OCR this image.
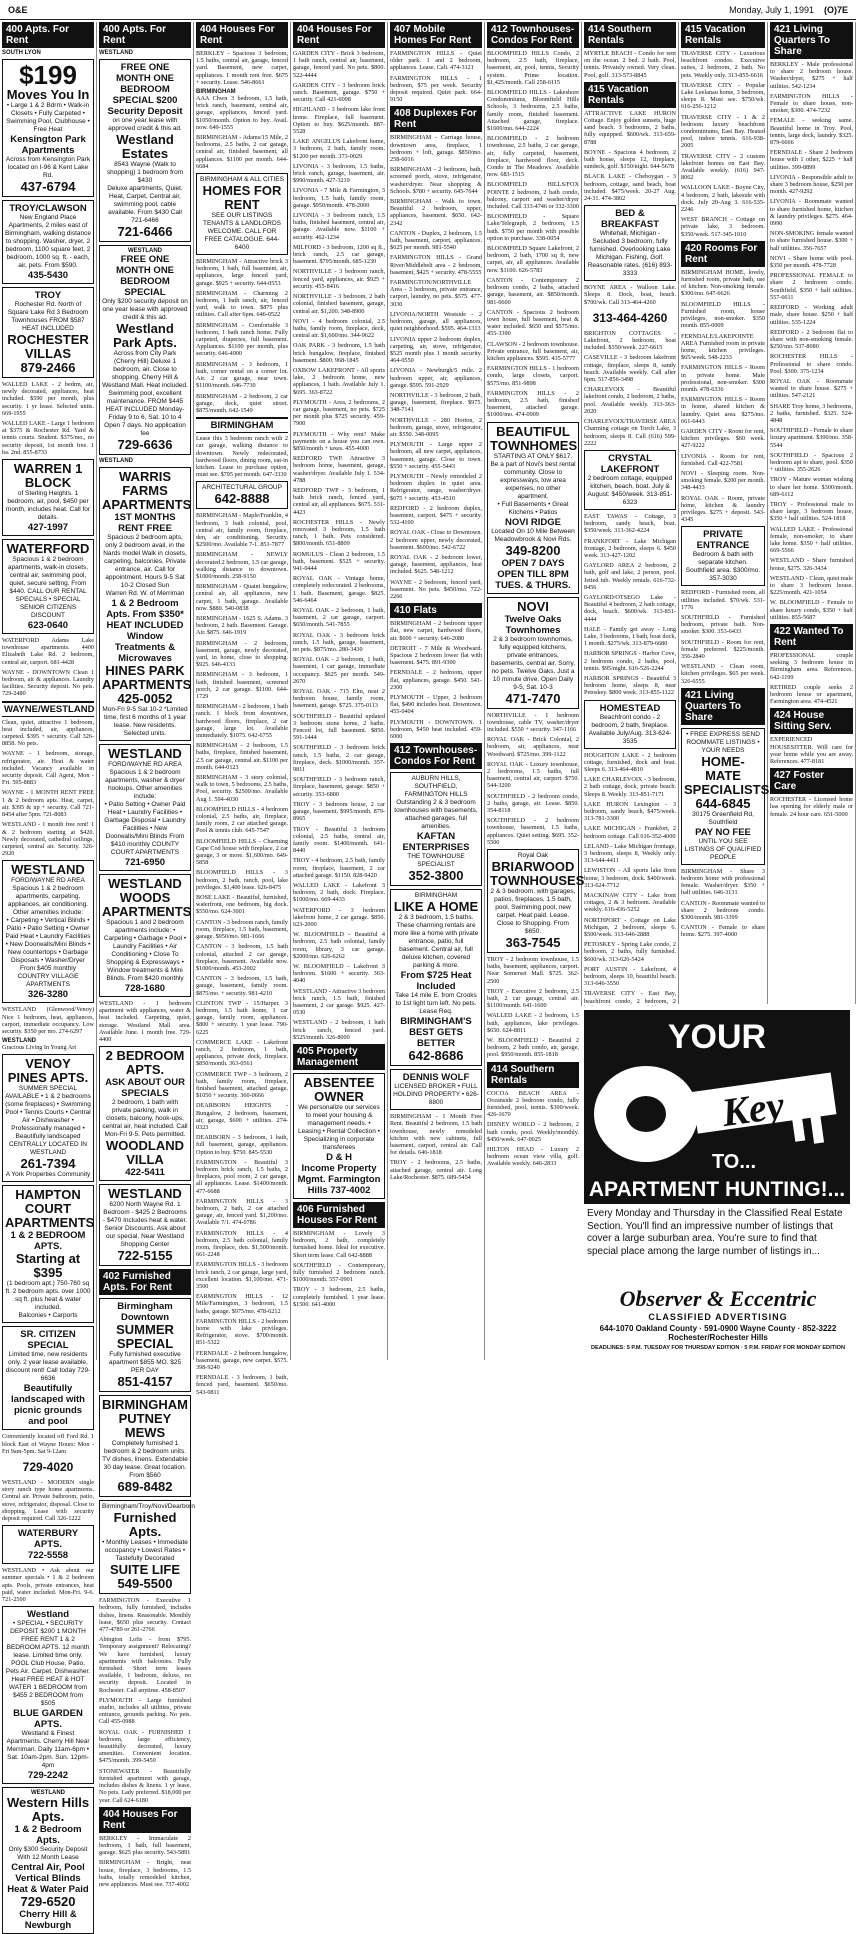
O&E	Monday, July 1, 1991 (O)7E
400 Apts. For Rent
SOUTH LYON
$199
Moves You In
• Large 1 & 2 Bdrm • Walk-in Closets • Fully Carpeted • Swimming Pool, Clubhouse • Free Heat
Kensington Park Apartments
Across from Kensington Park located on I-96 & Kent Lake Rd.
437-6794
TROY/CLAWSON
New England Place Apartments, 2 miles east of Birmingham, walking distance to shopping. Washer, dryer, 2 bedroom, 1100 square feet, 2 bedroom, 1000 sq. ft. - each, air, pets. From $590.
435-5430
TROY
Rochester Rd. North of Square Lake Rd 3 Bedroom Townhouses FROM $587 HEAT INCLUDED
ROCHESTER VILLAS
879-2466
WALLED LAKE - 2 bedrm, air, newly decorated, appliances, heat included. $590 per month, plus security. 1 yr lease. Selected units. 669-1955
WALLED LAKE - Large 1 bedroom at $375 & Rochester Rd. Yard & tennis courts. Student. $375/mo., no security deposit, 1st month free. 1 ba. 2nd. 855-8733
WARREN 1 BLOCK
of Sterling Heights. 1 bedroom, air, pool, $450 per month, includes heat. Call for details.
427-1997
WATERFORD
Spacious 1 & 2 bedroom apartments, walk-in closets, central air, swimming pool, quiet, secure setting. From $440. CALL OUR RENTAL SPECIALS • SPECIAL SENIOR CITIZENS DISCOUNT
623-0640
WATERFORD Adams Lake townhouse apartments. 4400 Elizabeth Lake Rd. 2 bedroom, central air, carport. 681-4428
WAYNE - DOWNTOWN Clean 1 bedroom, air & appliances. Laundry facilities. Security deposit. No pets. 729-2480
WAYNE/WESTLAND
Clean, quiet, attractive 1 bedroom, heat included, air, appliances, carpeted. $395 + security. Call 326-8858. No pets.
WAYNE - 1 bedroom, storage, refrigerator, air. Heat & water included. Vacancy available in security deposit. Call Agent, Mon - Fri. 595-8883
WAYNE - 1 MONTH RENT FREE 1 & 2 bedroom apts. Heat, carpet, air. $395 & up + security. Call 721-8454 after 5pm. 721-8083
WESTLAND - 1 month free rent! 1 & 2 bedroom starting at $420. Newly decorated, cathedral ceilings, carpeted, central air. Security. 326-2920
WESTLAND
FORD/WAYNE RD AREA Spacious 1 & 2 bedroom apartments, carpeting, appliances, air conditioning. Other amenities include:
• Carpeting • Vertical Blinds • Patio • Patio Setting • Owner Paid Heat • Laundry Facilities • New Doorwalls/Mini Blinds • New countertops • Garbage Disposals • Washer/Dryer From $405 monthly COUNTRY VILLAGE APARTMENTS
326-3280
WESTLAND (Glenwood/Venoy) Nice 1 bedroom, heat, appliances, carport, immediate occupancy. Low security. $350 per mo. 274-6297
WESTLAND
Gracious Living In Young Art
VENOY PINES APTS.
SUMMER SPECIAL AVAILABLE • 1 & 2 bedrooms (some fireplaces) • Swimming Pool • Tennis Courts • Central Air • Dishwasher • Professionally managed • Beautifully landscaped CENTRALLY LOCATED IN WESTLAND
261-7394
A York Properties Community
HAMPTON COURT APARTMENTS
1 & 2 BEDROOM APTS.
Starting at $395
(1 bedroom apt.) 750-760 sq ft. 2 bedroom apts. over 1000 sq ft. plus heat & water included.
Balconies • Carports
SR. CITIZEN SPECIAL
Limited time, new residents only. 2 year lease available, discount rent! Call today 729-6636
Beautifully landscaped with picnic grounds and pool
Conveniently located off Ford Rd. 1 block East of Wayne Hours: Mon - Fri 9am-5pm. Sat 9-12am
729-4020
WESTLAND - MODERN single story ranch type home apartments. Central air. Private bathroom, patio, stove, refrigerator, disposal. Close to shopping. Lease with security deposit required. Call 326-1222
WATERBURY APTS.
722-5558
WESTLAND • Ask about our summer specials • 1 & 2 bedroom apts. Pools, private entrances, heat paid, water included. Mon-Fri. 9-6. 721-2500
Westland
• SPECIAL • SECURITY DEPOSIT $200 1 MONTH FREE RENT 1 & 2 BEDROOM APTS. 12 month lease. Limited time only. POOL Club House, Patio, Pets Air. Carpet. Dishwasher. Heat FREE HEAT & HOT WATER 1 BEDROOM from $455 2 BEDROOM from $505
BLUE GARDEN APTS.
Westland & Finest Apartments. Cherry Hill Near Merriman. Daily 11am-6pm • Sat. 10am-2pm. Sun. 12pm-4pm
729-2242
WESTLAND
Western Hills Apts.
1 & 2 Bedroom Apts.
Only $300 Security Deposit With 12 Month Lease
Central Air, Pool Vertical Blinds Heat & Water Paid
729-6520
Cherry Hill & Newburgh
400 Apts. For Rent
WESTLAND
FREE ONE MONTH ONE BEDROOM SPECIAL $200 Security Deposit
on one year lease with approved credit & this ad.
Westland Estates
8543 Wayne (Walk to shopping) 1 bedroom from $430
Deluxe apartments, Quiet. Heat, Carpet, Central air, swimming pool, cable available. From $430 Call 721-6466
721-6466
WESTLAND
FREE ONE MONTH ONE BEDROOM SPECIAL
Only $200 security deposit on one year lease with approved credit & this ad.
Westland Park Apts.
Across from City Park (Cherry Hill) Deluxe 1 bedroom, air. Close to shopping. Cherry Hill & Westland Mall. Heat included. Swimming pool, excellent maintenance. FROM $445 HEAT INCLUDED Monday-Friday 9 to 6, Sat. 10 to 4 Open 7 days. No application fee
729-6636
WESTLAND
WARRIS FARMS APARTMENTS
1ST MONTHS RENT FREE
Spacious 2 bedroom apts, only 2 bedroom avail, in the Nards model Walk in closets, carpeting, balconies, Private entrance, air. Call for appointment. Hours 9-5 Sat 10-2 Closed Sun
Warren Rd. W. of Merriman
1 & 2 Bedroom Apts. From $350* HEAT INCLUDED Window Treatments & Microwaves
HINES PARK APARTMENTS
425-0052
Mon-Fri 9-5 Sat 10-2 *Limited time, first 6 months of 1 year lease. New residents. Selected units.
WESTLAND
FORD/WAYNE RD AREA Spacious 1 & 2 bedroom apartments, washer & dryer hookups. Other amenities include:
• Patio Setting • Owner Paid Heat • Laundry Facilities • Garbage Disposal • Laundry Facilities • New Doorwalls/Mini Blinds From $410 monthly COUNTY COURT APARTMENTS
721-6950
WESTLAND WOODS APARTMENTS
Spacious 1 and 2 bedroom apartments include: • Carpeting • Garbage • Pool • Laundry Facilities • Air Conditioning • Close To Shopping & Expressways • Window treatments & Mini Blinds. From $420 monthly
728-1680
WESTLAND - 1 bedroom apartment with appliances, water & heat included. Carpeting, quiet, storage. Westland Mall area. Available June. 1 month free. 729-4400
2 BEDROOM APTS.
ASK ABOUT OUR SPECIALS
2 bedroom, 1 bath with private parking, walk in closets, balcony, hook-ups, central air, heat included. Call Mon-Fri 9-5. Pets permitted.
WOODLAND VILLA
422-5411
WESTLAND
6200 North Wayne Rd. 1 Bedroom - $425 2 Bedrooms - $470 Includes heat & water. Senior Discounts. Ask about our special. Near Westland Shopping Center
722-5155
402 Furnished Apts. For Rent
Birmingham Downtown
SUMMER SPECIAL
Fully furnished executive apartment $855 MO. $25 PER DAY
851-4157
BIRMINGHAM PUTNEY MEWS
Completely furnished 1 bedroom & 2 bedroom units. TV dishes, linens. Extendable 30 day lease. Great location. From $560
689-8482
Birmingham/Troy/Novi/Dearborn
Furnished Apts.
• Monthly Leases • Immediate occupancy • Lowest Rates • Tastefully Decorated
SUITE LIFE
549-5500
FARMINGTON - Executive 1 bedroom, fully furnished, includes dishes, linens. Reasonable. Monthly lease, $650 plus security. Contact 477-4789 or 261-2766
Abington Lofts - from $795. Temporary assignment? Relocating? We have furnished, luxury apartments with balconies. Fully furnished. Short term leases available, 1 bedroom, deluxe, no security deposit. Located in Rochester. Call anytime. 458-8507
PLYMOUTH - Large furnished studio, includes all utilities, private entrance, grounds parking. No pets. Call 455-0988
ROYAL OAK - FURNISHED 1 bedroom, large efficiency, beautifully decorated, luxury amenities. Convenient location. $475/month. 399-5450
STONEWATER - Beautifully furnished apartment with garage, includes dishes & linens. 1 yr lease. No pets. Lady preferred. $18,000 per year. Call 624-6180
404 Houses For Rent
BERKLEY - Immaculate 2 bedroom, 1 bath, full basement, garage. $625 plus security. 543-5891
BIRMINGHAM - Bright, neat house, fireplace, 3 bedrooms, 1.5 baths, totally remodeled kitchen, new appliances. Must see. 737-4002
404 Houses For Rent
BERKLEY - Spacious 3 bedroom, 1.5 baths, central air, garage, fenced yard. Basement, new carpet, appliances. 1 month rent free. $675 + security. Lease. 546-8661
BIRMINGHAM
AAA Chwn 3 bedroom, 1.5 bath, brick ranch, basement, central air, garage, appliances, fenced yard. $1050/month. Option to buy. Avail. now. 649-1555
BIRMINGHAM - Adams/15 Mile, 2 bedrooms, 2.5 baths, 2 car garage, central air, finished basement, all appliances. $1100 per month. 644-6684
BIRMINGHAM & ALL CITIES
HOMES FOR RENT
SEE OUR LISTINGS TENANTS & LANDLORDS WELCOME. CALL FOR FREE CATALOGUE. 644-6400
BIRMINGHAM - Attractive brick 3 bedroom, 1 bath, full basement, air, appliances, large fenced yard, garage. $925 + security. 644-0553
BIRMINGHAM - Charming 2 bedroom, 1 bath ranch, air, fenced yard, walk to town. $875 plus utilities. Call after 6pm. 646-0522
BIRMINGHAM - Comfortable 3 bedroom, 1 bath ranch home. Fully carpeted, draperies, full basement. Appliances. $1100 per month, plus security. 646-4900
BIRMINGHAM - 3 bedroom, 1 bath, corner rental on a corner lot. Air. 2 car garage, near town. $1100/month. 646-7730
BIRMINGHAM - 2 bedroom, 2 car garage, deck, quiet street. $875/month. 642-1549
BIRMINGHAM
Lease this 3 bedroom ranch with 2 car garage, walking distance to downtown. Newly redecorated, hardwood floors, dining room, eat-in kitchen. Lease to purchase option, must see. $795 per month. 647-3330
ARCHITECTURAL GROUP
642-8888
BIRMINGHAM - Maple/Franklin, 4 bedroom, 3 bath colonial, pool, central air, family room, fireplace, den, air conditioning. Security. $2500/mo. Available 7-1. 851-7877
BIRMINGHAM - NEWLY decorated 2 bedroom, 1.5 car garage, walking distance to downtown. $1000/month. 258-9150
BIRMINGHAM - Quaint bungalow, central air, all appliances, new carpet, 1 bath, garage. Available now. $880. 540-0838
BIRMINGHAM - 1625 S. Adams. 3 bedroom, 2 bath. Basement. Garage. Air. $875. 646-1919
BIRMINGHAM - 2 bedroom, basement, garage, newly decorated, yard, in home, close to shopping. $925. 646-4133
BIRMINGHAM - 3 bedroom, 1 bath, finished basement, screened porch, 2 car garage. $1100. 644-1729
BIRMINGHAM - 2 bedroom, 1 bath ranch. 1 block from downtown, hardwood floors, fireplace, 2 car garage, large lot. Available immediately. $1075. 642-6755
BIRMINGHAM - 2 bedroom, 1.5 baths, fireplace, finished basement, 2.5 car garage, central air. $1100 per month. 644-0123
BIRMINGHAM - 3 story colonial, walk to town, 5 bedrooms, 2.5 baths, Pool, security. $2500/mo. Available Aug 1. 594-4030
BLOOMFIELD HILLS - 4 bedroom colonial, 2.5 baths, air, fireplace, family room, 2 car attached garage. Pool & tennis club. 645-7547
BLOOMFIELD HILLS - Charming Cape Cod house with fireplace, 2 car garage, 3 or more. $1,600/mo. 649-5858
BLOOMFIELD HILLS - 3 bedroom, 2 bath, ranch, pool, lake privileges. $1,400 lease. 626-8475
BOSE LAKE - Beautiful, furnished, waterfront, one bedroom, big dock. $550/mo. 624-3001
CANTON - 3 bedroom ranch, family room, fireplace, 1.5 bath, basement, garage. $950/mo. 981-1666
CANTON - 3 bedroom, 1.5 bath colonial, attached 2 car garage, fireplace, basement. Available now. $1000/month. 453-2002
CANTON - 3 bedroom, 1.5 bath, garage, basement, family room. $875/mo. + security. 981-4210
CLINTON TWP - 15/Harper. 3 bedroom, 1.5 bath home, 1 car garage, family room, appliances. $800 + security. 1 year lease. 790-6225
COMMERCE LAKE - Lakefront ranch, 2 bedroom, 1 bath, appliances, private dock, fireplace. $850/month. 363-0561
COMMERCE TWP - 3 bedroom, 2 bath, family room, fireplace, finished basement, attached garage. $1050 + security. 360-0666
DEARBORN HEIGHTS - Bungalow, 2 bedroom, basement, air, garage, $600 + utilities. 274-0323
DEARBORN - 3 bedroom, 1 bath, full basement, garage, appliances. Option to buy. $750. 845-5530
FARMINGTON - Beautiful 3 bedroom brick ranch, 1.5 baths, 2 fireplaces, pool room, 2 car garage, all appliances. Lease. $1400/month. 477-6688
FARMINGTON HILLS - 3 bedroom, 2 bath, 2 car attached garage, air, fenced yard. $1,200/mo. Available 7/1. 474-0786
FARMINGTON HILLS - 4 bedroom, 2.5 bath colonial, family room, fireplace, den. $1,500/month. 661-2248
FARMINGTON HILLS - 3 bedroom brick ranch, 2 car garage, large yard, excellent location. $1,100/mo. 471-3500
FARMINGTON HILLS - 12 Mile/Farmington, 3 bedroom, 1.5 baths, garage. $975/mo. 478-6212
FARMINGTON HILLS - 2 bedroom home with lake privileges. Refrigerator, stove. $700/month. 851-5322
FERNDALE - 2 bedroom bungalow, basement, garage, new carpet. $575. 398-9240
FERNDALE - 3 bedroom, 1 bath, fenced yard, basement. $650/mo. 543-0811
404 Houses For Rent
GARDEN CITY - Brick 3 bedroom, 1 bath ranch, central air, basement, garage, fenced yard. No pets. $800. 522-4444
GARDEN CITY - 3 bedroom brick ranch. Basement, garage. $750 + security. Call 421-6098
HIGHLAND - 3 bedroom lake front home. Fireplace, full basement. Option to buy. $625/month. 887-5528
LAKE ANGELUS Lakefront home, 3 bedroom, 2 bath, family room. $1200 per month. 373-0029
LIVONIA - 3 bedroom, 1.5 baths, brick ranch, garage, basement, air. $990/month. 427-3219
LIVONIA - 7 Mile & Farmington, 3 bedroom, 1.5 bath, family room, garage. $950/month. 478-2000
LIVONIA - 3 bedroom ranch, 1.5 baths, finished basement, central air, garage. Available now. $1100 + security. 462-1234
MILFORD - 3 bedroom, 1200 sq ft., brick ranch, 2.5 car garage, basement. $795/month. 685-1230
NORTHVILLE - 3 bedroom ranch, fenced yard, appliances, air. $925 + security. 455-8416
NORTHVILLE - 3 bedroom, 2 bath colonial, finished basement, garage, central air. $1,200. 348-8900
NOVI - 4 bedroom colonial, 2.5 baths, family room, fireplace, deck, central air. $1,600/mo. 344-9622
OAK PARK - 3 bedroom, 1.5 bath brick bungalow, fireplace, finished basement. $800. 968-1845
OXBOW LAKEFRONT - All sports lake, 2 bedroom home, new appliances, 1 bath. Available July 1. $695. 363-8722
PLYMOUTH - Area, 2 bedrooms, 2 car garage, basement, no pets. $725 per month plus $725 security. 459-7900
PLYMOUTH - Why rent? Make payments on a house you can own. $850/month + taxes. 455-4000
REDFORD TWP. Attractive 3 bedroom home, basement, garage, washer/dryer. Available July 1. 534-4788
REDFORD TWP - 3 bedroom, 1 bath brick ranch, fenced yard, central air, all appliances. $675. 531-4423
ROCHESTER HILLS - Newly renovated 3 bedroom, 1.5 bath ranch, 1 bath. Pets considered. $800/month. 651-8809
ROMULUS - Clean 2 bedroom, 1.5 bath, basement. $525 + security. 941-0444
ROYAL OAK - Vintage home, completely redecorated. 2 bedrooms, 1 bath. Basement, garage. $825. 546-6464
ROYAL OAK - 2 bedroom, 1 bath, basement, 2 car garage, carport. $650/month. 541-7855
ROYAL OAK - 3 bedroom brick ranch, 1.5 bath, garage, basement, no pets. $875/mo. 280-3430
ROYAL OAK - 2 bedroom, 1 bath, basement, 1 car garage, immediate occupancy. $625 per month. 549-2670
ROYAL OAK - 715 Elm, neat 2 bedroom house, family room, basement, garage. $725. 375-0113
SOUTHFIELD - Beautiful updated 3 bedroom stone home, 2 baths. Fenced lot, full basement. $850. 591-1444
SOUTHFIELD - 3 bedroom brick ranch, 1.5 baths, 2 car garage, fireplace, deck. $1000/month. 357-9811
SOUTHFIELD - 3 bedroom ranch, fireplace, basement, garage. $850 + security. 353-6800
TROY - 3 bedroom house, 2 car garage, basement. $995/month. 879-8965
TROY - Beautiful 3 bedroom colonial, 2.5 baths, central air, family room. $1400/month. 641-8440
TROY - 4 bedroom, 2.5 bath, family room, fireplace, basement, 2 car attached garage. $1150. 828-9420
WALLED LAKE - Lakefront 3 bedroom, 2 bath, dock. Fireplace. $1000/mo. 669-4433
WATERFORD - 3 bedroom lakefront home, 2 car garage. $850. 623-2000
W. BLOOMFIELD - Beautiful 4 bedroom, 2.5 bath colonial, family room, library, 3 car garage. $2000/mo. 626-6262
W. BLOOMFIELD - Lakefront 3 bedroom. $1600 + security. 363-4040
WESTLAND - Attractive 3 bedroom brick ranch, 1.5 bath, finished basement, 2 car garage. $925. 427-0530
WESTLAND - 2 bedroom, 1 bath brick ranch, fenced yard. $525/month. 326-8000
405 Property Management
ABSENTEE OWNER
We personalize our services to meet your housing & management needs. • Leasing • Rental Collection • Specializing in corporate transferees
D & H
Income Property Mgmt. Farmington Hills 737-4002
406 Furnished Houses For Rent
BIRMINGHAM - Lovely 3 bedroom, 2 bath, completely furnished home. Ideal for executive. Short term lease. Call 642-8888
SOUTHFIELD - Contemporary, fully furnished 2 bedroom ranch. $1000/month. 557-0901
TROY - 3 bedroom, 2.5 baths, completely furnished. 1 year lease. $1500. 641-4000
407 Mobile Homes For Rent
FARMINGTON HILLS - Quiet older park. 1 and 2 bedroom, appliances. Lease. Cali. 474-3121
FARMINGTON HILLS - 1 bedroom, $75 per week. Security deposit required. Quiet park. 664-9150
408 Duplexes For Rent
BIRMINGHAM - Carriage house, downtown area, fireplace, 1 bedroom + loft, garage. $850/mo. 258-6016
BIRMINGHAM - 2 bedroom, bath, screened porch, stove, refrigerator, washer/dryer. Near shopping & Schools. $780 + security. 645-7644
BIRMINGHAM - Walk to town. Beautiful 2 bedroom, upper, appliances, basement. $650. 642-2342
CANTON - Duplex, 2 bedroom, 1.5 bath, basement, carport, appliances. $625 per month. 981-5540
FARMINGTON HILLS - Grand River/Middlebelt area - 2 bedroom, basement, $425 + security. 478-5555
FARMINGTON/NORTHVILLE Area - 3 bedroom, private entrance, carport, laundry, no pets. $575. 477-3030
LIVONIA/NORTH Westside - 2 bedroom, garage, all appliances, quiet neighborhood. $595. 464-1313
LIVONIA upper 2 bedroom duplex, carpeting, air, stove, refrigerator, $525 month plus 1 month security. 464-0550
LIVONIA - Newburgh/5 mile. 2 bedroom upper, air, appliances, garage. $595. 591-2929
NORTHVILLE - 3 bedroom, 2 bath, garage, basement, fireplace. $975. 348-7141
NORTHVILLE - 280 Horton, 2 bedroom, garage, stove, refrigerator, air. $550. 348-0095
PLYMOUTH - Large upper 2 bedroom, all new carpet, appliances, basement, garage. Close to town. $550 + security. 455-5443
PLYMOUTH - Newly remodeled 2 bedroom duplex in quiet area. Refrigerator, range, washer/dryer. $675 + security. 453-4510
REDFORD - 2 bedroom duplex, basement, carport. $475 + security. 532-4100
ROYAL OAK - Close to Downtown. 2 bedroom upper, newly decorated, basement. $600/mo. 542-6722
ROYAL OAK - 2 bedroom lower, garage, basement, appliances, heat included. $625. 548-1212
WAYNE - 2 bedroom, fenced yard, basement. No pets. $450/mo. 722-2266
410 Flats
BIRMINGHAM - 2 bedroom upper flat, new carpet, hardwood floors, air. $600 + security. 646-2080
DETROIT - 7 Mile & Woodward. Spacious 2 bedroom lower flat with basement. $475. 891-9300
FERNDALE - 2 bedroom, upper flat, appliances, garage. $450. 541-2300
PLYMOUTH - Upper, 2 bedroom flat, $490 includes heat. Downtown. 455-0404
PLYMOUTH - DOWNTOWN. 1 bedroom, $450 heat included. 459-6000
412 Townhouses-Condos For Rent
AUBURN HILLS, SOUTHFIELD, FARMINGTON HILLS
Outstanding 2 & 3 bedroom townhouses with basements, attached garages, full amenities.
KAFTAN ENTERPRISES
THE TOWNHOUSE SPECIALIST
352-3800
BIRMINGHAM
LIKE A HOME
2 & 3 bedroom, 1.5 baths. These charming rentals are more like a home with private entrance, patio, full basement. Central air, full deluxe kitchen, covered parking & more.
From $725 Heat Included
Take 14 mile E. from Crooks to 1st light turn left. No pets. Lease Req.
BIRMINGHAM'S BEST GETS BETTER
642-8686
DENNIS WOLF
LICENSED BROKER • FULL HOLDING PROPERTY • 626-8800
BIRMINGHAM - 1 Month Free Rent. Beautiful 2 bedroom, 1.5 bath townhouse, newly remodeled kitchen with new cabinets, full basement, carport, central air. Call for details. 646-1818
TROY - 2 bedrooms, 2.5 baths, attached garage, central air. Long Lake/Rochester. $875. 689-5454
412 Townhouses-Condos For Rent
BLOOMFIELD HILLS Condo, 2 bedroom, 2.5 bath, fireplace, basement, air, pool, tennis, Security system. Prime location. $1,425/month. Call 258-6115
BLOOMFIELD HILLS - Lakeshore Condominiums, Bloomfield Hills Schools, 3 bedrooms, 2.5 baths, family room, finished basement. Attached garage, fireplace. $1600/mo. 644-2224
BLOOMFIELD - 2 bedroom townhouse, 2.5 baths, 2 car garage, air, fully carpeted, basement, fireplace, hardwood floor, deck. Condo in The Meadows. Available now. 683-1515
BLOOMFIELD HILLS/FOX POINTE 2 bedroom, 2 bath condo, balcony, carport and washer/dryer included. Call 333-4746 or 332-3300
BLOOMFIELD - Square Lake/Telegraph, 2 bedroom, 1.5 bath. $750 per month with possible option to purchase. 338-0054
BLOOMFIELD Square Lakefront, 2 bedroom, 2 bath, 1700 sq ft, new carpet, air, all appliances. Available now. $1100. 626-5783
CANTON - Contemporary 2 bedroom condo, 2 baths, attached garage, basement, air. $850/month. 981-0600
CANTON - Spacious 2 bedroom town house, full basement, heat & water included. $650 and $575/mo. 455-3390
CLAWSON - 2 bedroom townhouse. Private entrance, full basement, air, kitchen appliances. $595. 435-5777
FARMINGTON HILLS - 1 bedroom condo, large closets, carport. $575/mo. 851-9898
FARMINGTON HILLS - 2 bedroom, 2.5 bath, finished basement, attached garage. $1000/mo. 474-0909
BEAUTIFUL TOWNHOMES
STARTING AT ONLY $617. Be a part of Novi's best rental community. Close to expressways, low area expenses, no other apartment.
• Full Basements • Great Kitchens • Patios
NOVI RIDGE
Located On 10 Mile Between Meadowbrook & Novi Rds.
349-8200
OPEN 7 DAYS
OPEN TILL 8PM TUES. & THURS.
NOVI
Twelve Oaks Townhomes
2 & 3 bedroom townhomes, fully equipped kitchens, private entrances, basements, central air. Sorry, no pets. Twelve Oaks. Just a 10 minute drive. Open Daily 9-5, Sat. 10-3
471-7470
NORTHVILLE - 1 bedroom townhouse, cable TV, washer/dryer included. $550 + security. 347-1166
ROYAL OAK - Brick Colonial, 2 bedroom, air, appliances, near Woodward. $725/mo. 399-1122
ROYAL OAK - Luxury townhouse, 2 bedrooms, 1.5 baths, full basement, central air, carport. $750. 544-3200
SOUTHFIELD - 2 bedroom condo, 2 baths, garage, air. Lease. $850. 354-8118
SOUTHFIELD - 2 bedroom townhouse, basement, 1.5 baths, appliances. Quiet setting. $695. 352-5500
Royal Oak
BRIARWOOD TOWNHOUSES
2 & 3 bedroom, with garages, patios, fireplaces, 1.5 bath, pool. Swimming pool, new carpet. Heat paid. Lease. Close to Shopping. From $650.
363-7545
TROY - 2 bedroom townhouse, 1.5 baths, basement, appliances, carport. Near Somerset Mall. $725. 362-2500
TROY - Executive 2 bedroom, 2.5 bath, 2 car garage, central air. $1100/month. 641-1600
WALLED LAKE - 2 bedroom, 1.5 bath, appliances, lake privileges. $650. 624-8811
W. BLOOMFIELD - Beautiful 2 bedroom, 2 bath condo, air, garage, pool. $950/month. 855-1818
414 Southern Rentals
COCOA BEACH AREA - Oceanside 2 bedroom condo, fully furnished, pool, tennis. $300/week. 426-1670
DISNEY WORLD - 2 bedroom, 2 bath condo, pool. Weekly/monthly. $450/week. 647-0025
HILTON HEAD - Luxury 2 bedroom ocean view villa, golf. Available weekly. 646-2833
414 Southern Rentals
MYRTLE BEACH - Condo for rent on the ocean. 2 bed. 2 bath. Pool, tennis. Privately owned. Very clean. Pool, golf. 313-573-8845
415 Vacation Rentals
ATTRACTIVE LAKE HURON Cottage. Enjoy golden sunsets, huge sand beach. 3 bedrooms, 2 baths, fully equipped. $600/wk. 313-659-8788
BOYNE - Spacious 4 bedroom, 2 bath house, sleeps 12, fireplace, sundeck, golf. $150/night. 644-5678
BLACK LAKE - Cheboygan - 3 bedroom, cottage, sand beach, boat included. $475/week. 20-27 Aug. 24-31. 474-3802
BED & BREAKFAST
Whitehall, Michigan - Secluded 3 bedroom, fully furnished. Overlooking Lake Michigan. Fishing, Golf. Reasonable rates. (616) 893-3333
BOYNE AREA - Walloon Lake. Sleeps 8. Dock, boat, beach. $700/wk. Call 313-464-4260
313-464-4260
BRIGHTON COTTAGES - Lakefront, 2 bedroom, boat included. $350/week. 227-6615
CASEVILLE - 3 bedroom lakefront cottage, fireplace, sleeps 8, sandy beach. Available weekly. Call after 6pm. 517-856-3498
CHARLEVOIX - Beautiful lakefront condo, 2 bedroom, 2 baths, pool. Available weekly. 313-363-2020
CHARLEVOIX/TRAVERSE AREA Charming cottage on Torch Lake, 3 bedroom, sleeps 8. Call (616) 599-2222
CRYSTAL LAKEFRONT
2 bedroom cottage, equipped kitchen, beach, boat. July & August: $450/week. 313-851-6323
EAST TAWAS - Cottage, 3 bedroom, sandy beach, boat. $350/week. 313-362-4224
FRANKFORT - Lake Michigan frontage, 2 bedroom, sleeps 6. $450 week. 313-427-1202
GAYLORD AREA 2 bedroom, 2 bath, golf and lake, 2 person, pool. Jetted tub. Weekly rentals. 616-732-8456
GAYLORD/OTSEGO Lake - Beautiful 4 bedroom, 2 bath cottage, dock, beach. $600/wk. 313-851-4444
HALE - Family get away - Long Lake, 3 bedrooms, 1 bath, boat dock, 1 month. $275/wk. 313-879-6680
HARBOR SPRINGS - Harbor Cove, 2 bedroom condo, 2 baths, pool, tennis. $95/night. 616-526-2244
HARBOR SPRINGS - Beautiful 3 bedroom home, sleeps 8, near Petoskey. $800 week. 313-855-1122
HOMESTEAD
Beachfront condo - 2 bedroom, 2 bath, fireplace. Available July/Aug. 313-624-3535
HOUGHTON LAKE - 2 bedroom cottage, furnished, dock and boat. Sleeps 6. 313-464-4810
LAKE CHARLEVOIX - 3 bedroom, 2 bath cottage, dock, private beach. Sleeps 8. Weekly. 313-851-7171
LAKE HURON Lexington - 3 bedroom, sandy beach, $475/week. 313-781-3300
LAKE MICHIGAN - Frankfort, 2 bedroom cottage. Call 616-352-4000
LELAND - Lake Michigan frontage, 3 bedroom, sleeps 8, Weekly only. 313-644-4411
LEWISTON - All sports lake front home, 3 bedroom, dock. $400/week. 313-624-7712
MACKINAW CITY - Lake front cottages, 2 & 3 bedroom. Available weekly. 616-436-5252
NORTHPORT - Cottage on Lake Michigan, 2 bedroom, sleeps 6. $500/week. 313-646-2888
PETOSKEY - Spring Lake condo, 2 bedroom, 2 baths, fully furnished. $600/wk. 313-626-5424
PORT AUSTIN - Lakefront, 4 bedroom, sleeps 10, beautiful beach. 313-646-3550
TRAVERSE CITY - East Bay, beachfront condo, 2 bedroom, 2
415 Vacation Rentals
TRAVERSE CITY - Luxurious beachfront condos. Executive suites, 2 bedroom, 2 bath. No pets. Weekly only. 313-855-6616
TRAVERSE CITY - Popular Lake Leelanau home, 3 bedroom, sleeps 8. Must see. $750/wk. 616-256-1212
TRAVERSE CITY - 1 & 2 bedroom luxury beachfront condominiums, East Bay. Heated pool, indoor tennis. 616-938-2005
TRAVERSE CITY - 2 custom lakefront homes on East Bay. Available weekly. (616) 947-8062
WALLOON LAKE - Boyne City, 4 bedroom, 2 bath, lakeside with dock. July 20-Aug 3. 616-535-2246
WEST BRANCH - Cottage on private lake, 3 bedroom. $350/week. 517-345-1010
420 Rooms For Rent
BIRMINGHAM HOME, lovely, furnished room, private bath, use of kitchen. Non-smoking female. $300/mo. 647-6626
BLOOMFIELD HILLS - Furnished room, house privileges, non-smoker. $350 month. 855-0009
FERNDALE/LAKEPOINTE AREA Furnished room in private home, kitchen privileges. $65/week. 548-2233
FARMINGTON HILLS - Room in private home. Male professional, non-smoker. $300 month. 478-6336
FARMINGTON HILLS - Room in home, shared kitchen & laundry. Quiet area. $275/mo. 661-6443
GARDEN CITY - Room for rent, kitchen privileges. $60 week. 427-9222
LIVONIA - Room for rent, furnished. Call 422-7581
NOVI - Sleeping room. Non-smoking female. $200 per month. 348-4433
ROYAL OAK - Room, private home, kitchen & laundry privileges. $275 + deposit. 543-4345
PRIVATE ENTRANCE
Bedroom & bath with separate kitchen. Southfield area. $300/mo. 357-3030
REDFORD - Furnished room, all utilities included. $70/wk. 531-1776
SOUTHFIELD - Furnished bedroom, private bath. Non-smoker. $300. 353-6433
SOUTHFIELD - Room for rent, female preferred. $225/month. 356-2840
WESTLAND - Clean room, kitchen privileges. $65 per week. 326-6555
421 Living Quarters To Share
• FREE EXPRESS SEND ROOMMATE LISTINGS • YOUR NEEDS
HOME-MATE SPECIALISTS
644-6845
30175 Greenfield Rd, Southfield
PAY NO FEE
UNTIL YOU SEE LISTINGS OF QUALIFIED PEOPLE
BIRMINGHAM - Share 3 bedroom home with professional female. Washer/dryer. $350 + half utilities. 646-3131
CANTON - Roommate wanted to share 2 bedroom condo. $300/month. 981-3399
CANTON - Female to share home. $275. 397-4000
421 Living Quarters To Share
BERKLEY - Male professional to share 2 bedroom house. Washer/dryer, $275 + half utilities. 542-1234
FARMINGTON HILLS - Female to share house, non-smoker, $300. 474-7232
FEMALE - seeking same. Beautiful home in Troy. Pool, tennis, large deck, laundry. $325. 879-6666
FERNDALE - Share 2 bedroom house with 1 other, $225 + half utilities. 399-8899
LIVONIA - Responsible adult to share 3 bedroom house, $250 per month. 427-9292
LIVONIA - Roommate wanted to share furnished home, kitchen & laundry privileges. $275. 464-0990
NON-SMOKING female wanted to share furnished house. $300 + half utilities. 356-7657
NOVI - Share home with pool. $350 per month. 478-7728
PROFESSIONAL FEMALE to share 2 bedroom condo. Southfield. $350 + half utilities. 557-6611
REDFORD - Working adult male, share house. $250 + half utilities. 535-1224
REDFORD - 2 bedroom flat to share with non-smoking female. $250/mo. 537-8080
ROCHESTER HILLS - Professional to share condo. Pool. $300. 375-1234
ROYAL OAK - Roommate wanted to share house. $275 + utilities. 547-2121
SHARE Troy home, 3 bedrooms, 2 baths, furnished. $325. 524-4848
SOUTHFIELD - Female to share luxury apartment. $300/mo. 358-5544
SOUTHFIELD - Spacious 2 bedroom apt to share, pool. $350 + utilities. 355-2626
TROY - Mature woman wishing to share her home. $300/month. 689-6112
TROY - Professional male to share large, 3 bedroom house, $350 + half utilities. 524-1818
WALLED LAKE - Professional female, non-smoker, to share lake home. $350 + half utilities. 669-5566
WESTLAND - Share furnished house, $275. 326-3434
WESTLAND - Clean, quiet male to share 3 bedroom house. $225/month. 421-1054
W. BLOOMFIELD - Female to share luxury condo, $350 + half utilities. 855-5687
422 Wanted To Rent
PROFESSIONAL couple seeking 3 bedroom house in Birmingham area. References. 642-1199
RETIRED couple seeks 2 bedroom house or apartment, Farmington area. 474-4521
424 House Sitting Serv.
EXPERIENCED HOUSESITTER. Will care for your home while you are away. References. 477-8181
427 Foster Care
ROCHESTER - Licensed home has opening for elderly male or female. 24 hour care. 651-5000
YOUR
Key
TO...
APARTMENT HUNTING!...
Every Monday and Thursday in the Classified Real Estate Section. You'll find an impressive number of listings that cover a large suburban area. You're sure to find that special place among the large number of listings in...
Observer & Eccentric
CLASSIFIED ADVERTISING
644-1070 Oakland County · 591-0900 Wayne County · 852-3222 Rochester/Rochester Hills
DEADLINES: 5 P.M. TUESDAY FOR THURSDAY EDITION · 5 P.M. FRIDAY FOR MONDAY EDITION
